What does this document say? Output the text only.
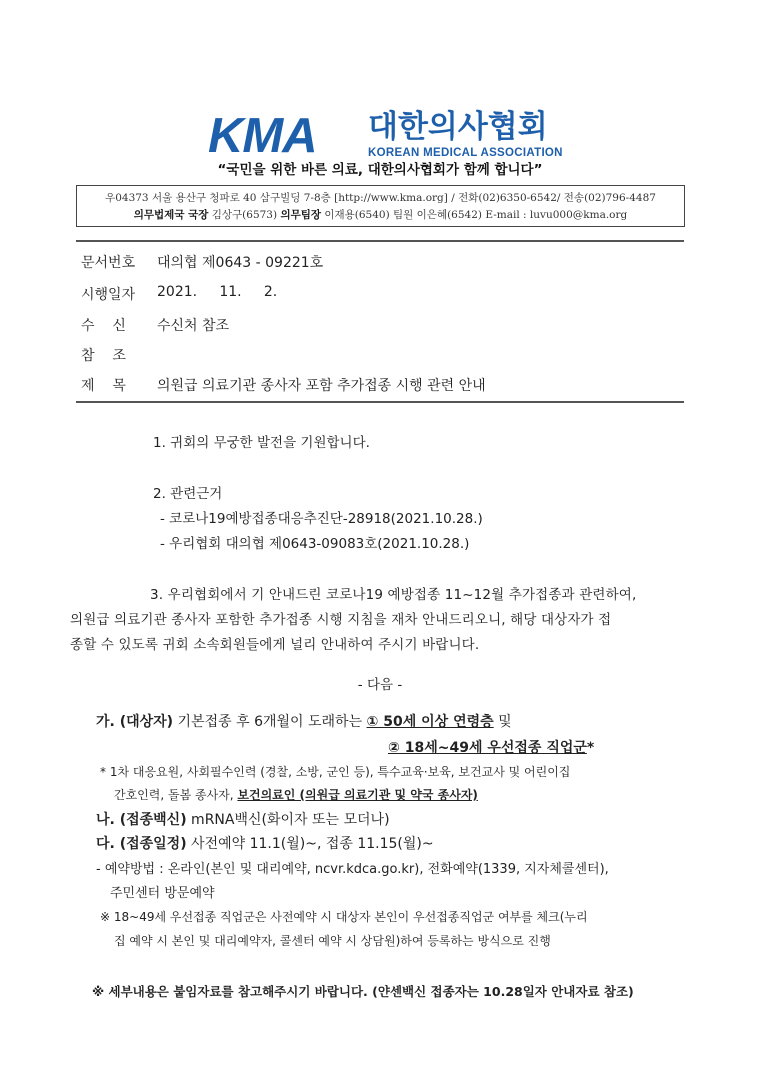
KMA 대한의사협회
KOREAN MEDICAL ASSOCIATION
“국민을 위한 바른 의료, 대한의사협회가 함께 합니다”
우04373 서울 용산구 청파로 40 삼구빌딩 7-8층 [http://www.kma.org] / 전화(02)6350-6542/ 전송(02)796-4487
의무법제국 국장 김상구(6573) 의무팀장 이재용(6540) 팀원 이은혜(6542) E-mail : luvu000@kma.org
문서번호 대의협 제0643 - 09221호
시행일자 2021.     11.     2.
수    신 수신처 참조
참    조
제    목 의원급 의료기관 종사자 포함 추가접종 시행 관련 안내
1. 귀회의 무궁한 발전을 기원합니다.
2. 관련근거
- 코로나19예방접종대응추진단-28918(2021.10.28.)
- 우리협회 대의협 제0643-09083호(2021.10.28.)
3. 우리협회에서 기 안내드린 코로나19 예방접종 11~12월 추가접종과 관련하여,
의원급 의료기관 종사자 포함한 추가접종 시행 지침을 재차 안내드리오니, 해당 대상자가 접
종할 수 있도록 귀회 소속회원들에게 널리 안내하여 주시기 바랍니다.
- 다음 -
가. (대상자) 기본접종 후 6개월이 도래하는 ① 50세 이상 연령층 및
② 18세~49세 우선접종 직업군*
* 1차 대응요원, 사회필수인력 (경찰, 소방, 군인 등), 특수교육·보육, 보건교사 및 어린이집
간호인력, 돌봄 종사자, 보건의료인 (의원급 의료기관 및 약국 종사자)
나. (접종백신) mRNA백신(화이자 또는 모더나)
다. (접종일정) 사전예약 11.1(월)~, 접종 11.15(월)~
- 예약방법 : 온라인(본인 및 대리예약, ncvr.kdca.go.kr), 전화예약(1339, 지자체콜센터),
주민센터 방문예약
※ 18~49세 우선접종 직업군은 사전예약 시 대상자 본인이 우선접종직업군 여부를 체크(누리
집 예약 시 본인 및 대리예약자, 콜센터 예약 시 상담원)하여 등록하는 방식으로 진행
※ 세부내용은 붙임자료를 참고해주시기 바랍니다. (얀센백신 접종자는 10.28일자 안내자료 참조)
